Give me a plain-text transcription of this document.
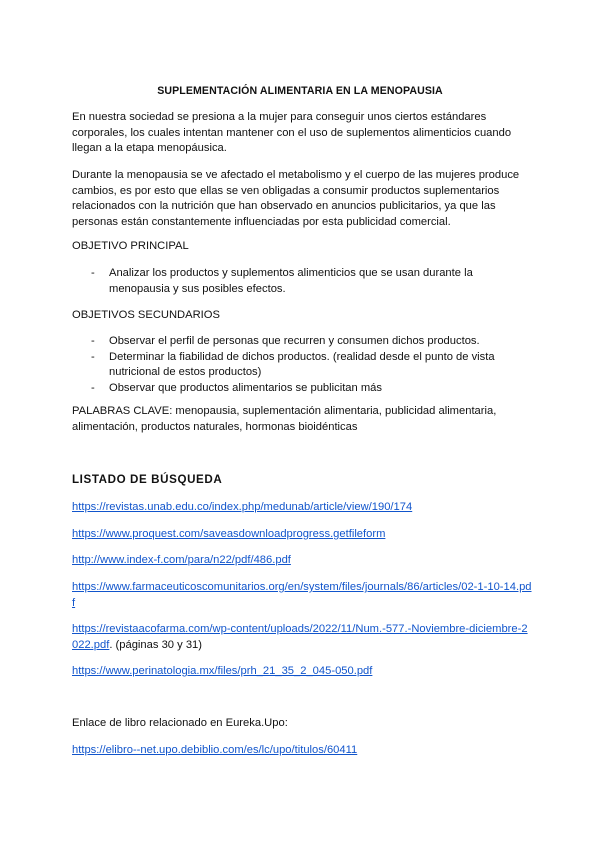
SUPLEMENTACIÓN ALIMENTARIA EN LA MENOPAUSIA
En nuestra sociedad se presiona a la mujer para conseguir unos ciertos estándares corporales, los cuales intentan mantener con el uso de suplementos alimenticios cuando llegan a la etapa menopáusica.
Durante la menopausia se ve afectado el metabolismo y el cuerpo de las mujeres produce cambios, es por esto que ellas se ven obligadas a consumir productos suplementarios relacionados con la nutrición que han observado en anuncios publicitarios, ya que las personas están constantemente influenciadas por esta publicidad comercial.
OBJETIVO PRINCIPAL
- Analizar los productos y suplementos alimenticios que se usan durante la menopausia y sus posibles efectos.
OBJETIVOS SECUNDARIOS
- Observar el perfil de personas que recurren y consumen dichos productos.
- Determinar la fiabilidad de dichos productos. (realidad desde el punto de vista nutricional de estos productos)
- Observar que productos alimentarios se publicitan más
PALABRAS CLAVE: menopausia, suplementación alimentaria, publicidad alimentaria, alimentación, productos naturales, hormonas bioidénticas
LISTADO DE BÚSQUEDA
https://revistas.unab.edu.co/index.php/medunab/article/view/190/174
https://www.proquest.com/saveasdownloadprogress.getfileform
http://www.index-f.com/para/n22/pdf/486.pdf
https://www.farmaceuticoscomunitarios.org/en/system/files/journals/86/articles/02-1-10-14.pdf
https://revistaacofarma.com/wp-content/uploads/2022/11/Num.-577.-Noviembre-diciembre-2022.pdf. (páginas 30 y 31)
https://www.perinatologia.mx/files/prh_21_35_2_045-050.pdf
Enlace de libro relacionado en Eureka.Upo:
https://elibro--net.upo.debiblio.com/es/lc/upo/titulos/60411
